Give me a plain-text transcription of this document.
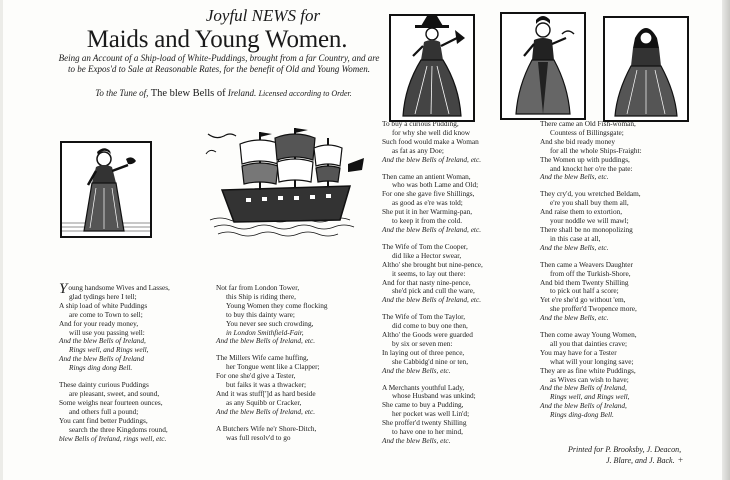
Joyful NEWS for
Maids and Young Women.
Being an Account of a Ship-load of White-Puddings, brought from a far Country, and are to be Expos'd to Sale at Reasonable Rates, for the benefit of Old and Young Women.
To the Tune of, The blew Bells of Ireland. Licensed according to Order.
Young handsome Wives and Lasses,
glad tydings here I tell;
A ship load of white Puddings
are come to Town to sell;
And for your ready money,
will use you passing well:
And the blew Bells of Ireland,
Rings well, and Rings well,
And the blew Bells of Ireland
Rings ding dong Bell.
These dainty curious Puddings
are pleasant, sweet, and sound,
Some weighs near fourteen ounces,
and others full a pound;
You cant find better Puddings,
search the three Kingdoms round,
blew Bells of Ireland, rings well, etc.
Not far from London Tower,
this Ship is riding there,
Young Women they come flocking
to buy this dainty ware;
You never see such crowding,
in London Smithfield-Fair,
And the blew Bells of Ireland, etc.
The Millers Wife came huffing,
her Tongue went like a Clapper;
For one she'd give a Tester,
but faiks it was a thwacker;
And it was stuff[']d as hard beside
as any Squibb or Cracker,
And the blew Bells of Ireland, etc.
A Butchers Wife ne'r Shore-Ditch,
was full resolv'd to go
To buy a curious Pudding,
for why she well did know
Such food would make a Woman
as fat as any Doe;
And the blew Bells of Ireland, etc.
Then came an antient Woman,
who was both Lame and Old;
For one she gave five Shillings,
as good as e're was told;
She put it in her Warming-pan,
to keep it from the cold.
And the blew Bells of Ireland, etc.
The Wife of Tom the Cooper,
did like a Hector swear,
Altho' she brought but nine-pence,
it seems, to lay out there:
And for that nasty nine-pence,
she'd pick and cull the ware,
And the blew Bells of Ireland, etc.
The Wife of Tom the Taylor,
did come to buy one then,
Altho' the Goods were guarded
by six or seven men:
In laying out of three pence,
she Cabbidg'd nine or ten,
And the blew Bells, etc.
A Merchants youthful Lady,
whose Husband was unkind;
She came to buy a Pudding,
her pocket was well Lin'd;
She proffer'd twenty Shilling
to have one to her mind,
And the blew Bells, etc.
There came an Old Fish-woman,
Countess of Billingsgate;
And she bid ready money
for all the whole Ships-Fraight:
The Women up with puddings,
and knockt her o're the pate:
And the blew Bells, etc.
They cry'd, you wretched Beldam,
e're you shall buy them all,
And raise them to extortion,
your noddle we will mawl;
There shall be no monopolizing
in this case at all,
And the blew Bells, etc.
Then came a Weavers Daughter
from off the Turkish-Shore,
And bid them Twenty Shilling
to pick out half a score;
Yet e're she'd go without 'em,
she proffer'd Twopence more,
And the blew Bells, etc.
Then come away Young Women,
all you that dainties crave;
You may have for a Tester
what will your longing save;
They are as fine white Puddings,
as Wives can wish to have;
And the blew Bells of Ireland,
Rings well, and Rings well,
And the blew Bells of Ireland,
Rings ding-dong Bell.
Printed for P. Brooksby, J. Deacon,
J. Blare, and J. Back. +
